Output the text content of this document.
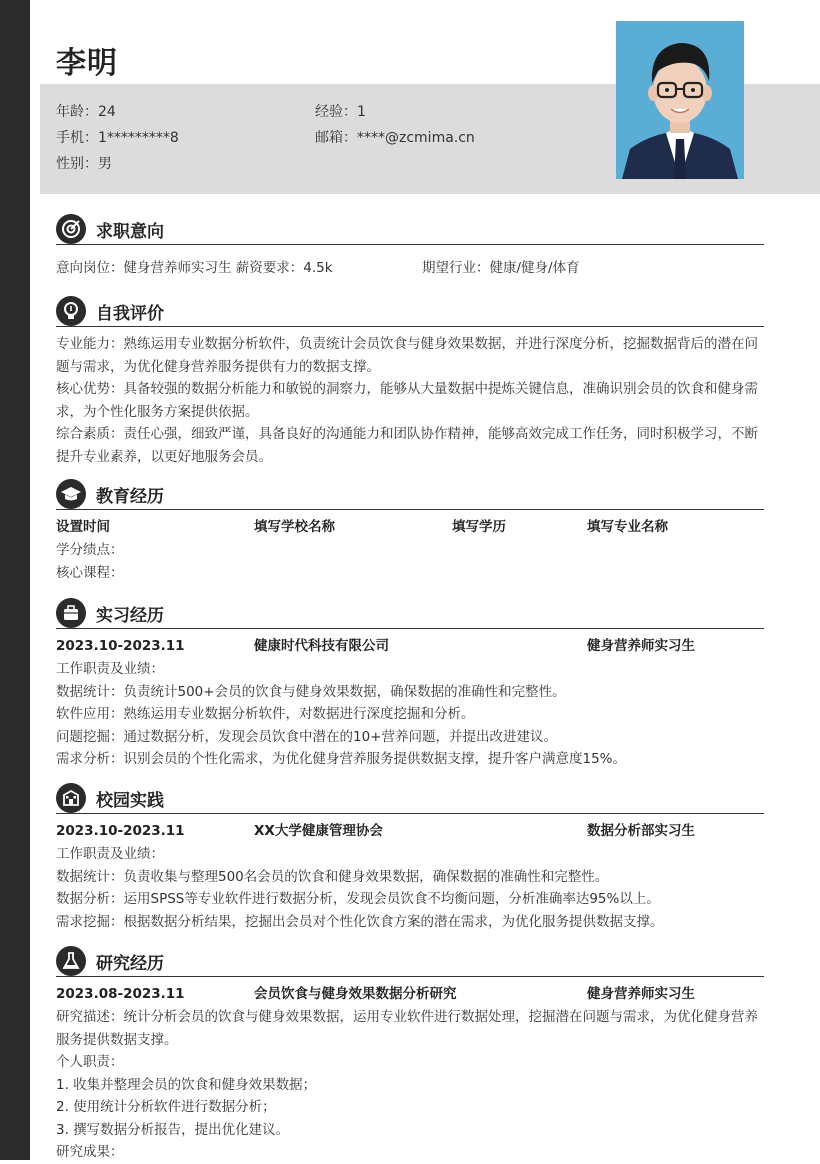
李明
年龄：24	经验：1
手机：1*********8	邮箱：****@zcmima.cn
性别：男
求职意向
意向岗位：健身营养师实习生 薪资要求：4.5k	期望行业：健康/健身/体育
自我评价
专业能力：熟练运用专业数据分析软件，负责统计会员饮食与健身效果数据，并进行深度分析，挖掘数据背后的潜在问题与需求，为优化健身营养服务提供有力的数据支撑。
核心优势：具备较强的数据分析能力和敏锐的洞察力，能够从大量数据中提炼关键信息，准确识别会员的饮食和健身需求，为个性化服务方案提供依据。
综合素质：责任心强，细致严谨，具备良好的沟通能力和团队协作精神，能够高效完成工作任务，同时积极学习，不断提升专业素养，以更好地服务会员。
教育经历
设置时间	填写学校名称	填写学历	填写专业名称
学分绩点：
核心课程：
实习经历
2023.10-2023.11	健康时代科技有限公司	健身营养师实习生
工作职责及业绩：
数据统计：负责统计500+会员的饮食与健身效果数据，确保数据的准确性和完整性。
软件应用：熟练运用专业数据分析软件，对数据进行深度挖掘和分析。
问题挖掘：通过数据分析，发现会员饮食中潜在的10+营养问题，并提出改进建议。
需求分析：识别会员的个性化需求，为优化健身营养服务提供数据支撑，提升客户满意度15%。
校园实践
2023.10-2023.11	XX大学健康管理协会	数据分析部实习生
工作职责及业绩：
数据统计：负责收集与整理500名会员的饮食和健身效果数据，确保数据的准确性和完整性。
数据分析：运用SPSS等专业软件进行数据分析，发现会员饮食不均衡问题，分析准确率达95%以上。
需求挖掘：根据数据分析结果，挖掘出会员对个性化饮食方案的潜在需求，为优化服务提供数据支撑。
研究经历
2023.08-2023.11	会员饮食与健身效果数据分析研究	健身营养师实习生
研究描述：统计分析会员的饮食与健身效果数据，运用专业软件进行数据处理，挖掘潜在问题与需求，为优化健身营养服务提供数据支撑。
个人职责：
1. 收集并整理会员的饮食和健身效果数据；
2. 使用统计分析软件进行数据分析；
3. 撰写数据分析报告，提出优化建议。
研究成果：
